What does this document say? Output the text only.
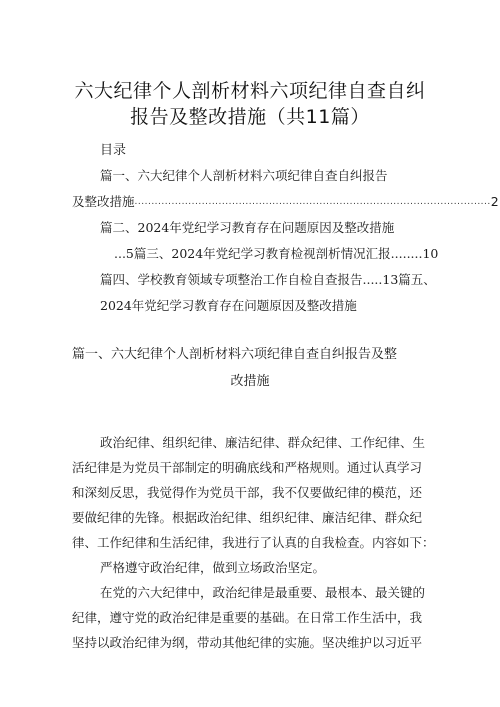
六大纪律个人剖析材料六项纪律自查自纠
报告及整改措施（共11篇）
目录
篇一、六大纪律个人剖析材料六项纪律自查自纠报告
及整改措施 .......................................................................................................... 2
篇二、2024年党纪学习教育存在问题原因及整改措施
...5篇三、2024年党纪学习教育检视剖析情况汇报........10
篇四、学校教育领域专项整治工作自检自查报告.....13篇五、
2024年党纪学习教育存在问题原因及整改措施
篇一、六大纪律个人剖析材料六项纪律自查自纠报告及整
改措施
政治纪律、组织纪律、廉洁纪律、群众纪律、工作纪律、生
活纪律是为党员干部制定的明确底线和严格规则。通过认真学习
和深刻反思，我觉得作为党员干部，我不仅要做纪律的模范，还
要做纪律的先锋。根据政治纪律、组织纪律、廉洁纪律、群众纪
律、工作纪律和生活纪律，我进行了认真的自我检查。内容如下：
严格遵守政治纪律，做到立场政治坚定。
在党的六大纪律中，政治纪律是最重要、最根本、最关键的
纪律，遵守党的政治纪律是重要的基础。在日常工作生活中，我
坚持以政治纪律为纲，带动其他纪律的实施。坚决维护以习近平
